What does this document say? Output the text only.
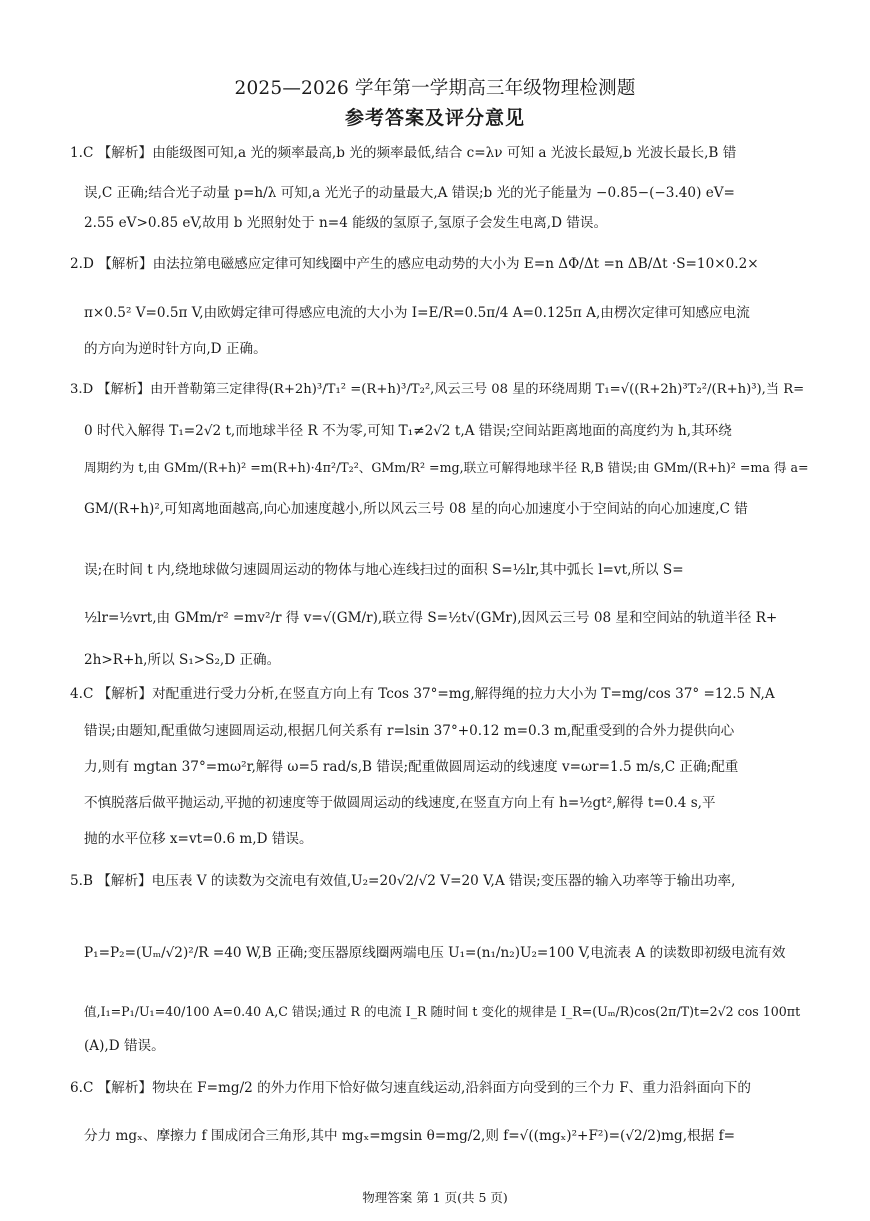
2025—2026 学年第一学期高三年级物理检测题
参考答案及评分意见
1.C 【解析】由能级图可知,a 光的频率最高,b 光的频率最低,结合 c=λν 可知 a 光波长最短,b 光波长最长,B 错
误,C 正确;结合光子动量 p=h/λ 可知,a 光光子的动量最大,A 错误;b 光的光子能量为 −0.85−(−3.40) eV=
2.55 eV>0.85 eV,故用 b 光照射处于 n=4 能级的氢原子,氢原子会发生电离,D 错误。
2.D 【解析】由法拉第电磁感应定律可知线圈中产生的感应电动势的大小为 E=n ΔΦ/Δt =n ΔB/Δt ·S=10×0.2×
π×0.5² V=0.5π V,由欧姆定律可得感应电流的大小为 I=E/R=0.5π/4 A=0.125π A,由楞次定律可知感应电流
的方向为逆时针方向,D 正确。
3.D 【解析】由开普勒第三定律得(R+2h)³/T₁² =(R+h)³/T₂²,风云三号 08 星的环绕周期 T₁=√((R+2h)³T₂²/(R+h)³),当 R=
0 时代入解得 T₁=2√2 t,而地球半径 R 不为零,可知 T₁≠2√2 t,A 错误;空间站距离地面的高度约为 h,其环绕
周期约为 t,由 GMm/(R+h)² =m(R+h)·4π²/T₂²、GMm/R² =mg,联立可解得地球半径 R,B 错误;由 GMm/(R+h)² =ma 得 a=
GM/(R+h)²,可知离地面越高,向心加速度越小,所以风云三号 08 星的向心加速度小于空间站的向心加速度,C 错
误;在时间 t 内,绕地球做匀速圆周运动的物体与地心连线扫过的面积 S=½lr,其中弧长 l=vt,所以 S=
½lr=½vrt,由 GMm/r² =mv²/r 得 v=√(GM/r),联立得 S=½t√(GMr),因风云三号 08 星和空间站的轨道半径 R+
2h>R+h,所以 S₁>S₂,D 正确。
4.C 【解析】对配重进行受力分析,在竖直方向上有 Tcos 37°=mg,解得绳的拉力大小为 T=mg/cos 37° =12.5 N,A
错误;由题知,配重做匀速圆周运动,根据几何关系有 r=lsin 37°+0.12 m=0.3 m,配重受到的合外力提供向心
力,则有 mgtan 37°=mω²r,解得 ω=5 rad/s,B 错误;配重做圆周运动的线速度 v=ωr=1.5 m/s,C 正确;配重
不慎脱落后做平抛运动,平抛的初速度等于做圆周运动的线速度,在竖直方向上有 h=½gt²,解得 t=0.4 s,平
抛的水平位移 x=vt=0.6 m,D 错误。
5.B 【解析】电压表 V 的读数为交流电有效值,U₂=20√2/√2 V=20 V,A 错误;变压器的输入功率等于输出功率,
P₁=P₂=(Uₘ/√2)²/R =40 W,B 正确;变压器原线圈两端电压 U₁=(n₁/n₂)U₂=100 V,电流表 A 的读数即初级电流有效
值,I₁=P₁/U₁=40/100 A=0.40 A,C 错误;通过 R 的电流 I_R 随时间 t 变化的规律是 I_R=(Uₘ/R)cos(2π/T)t=2√2 cos 100πt
(A),D 错误。
6.C 【解析】物块在 F=mg/2 的外力作用下恰好做匀速直线运动,沿斜面方向受到的三个力 F、重力沿斜面向下的
分力 mgₓ、摩擦力 f 围成闭合三角形,其中 mgₓ=mgsin θ=mg/2,则 f=√((mgₓ)²+F²)=(√2/2)mg,根据 f=
物理答案 第 1 页(共 5 页)
